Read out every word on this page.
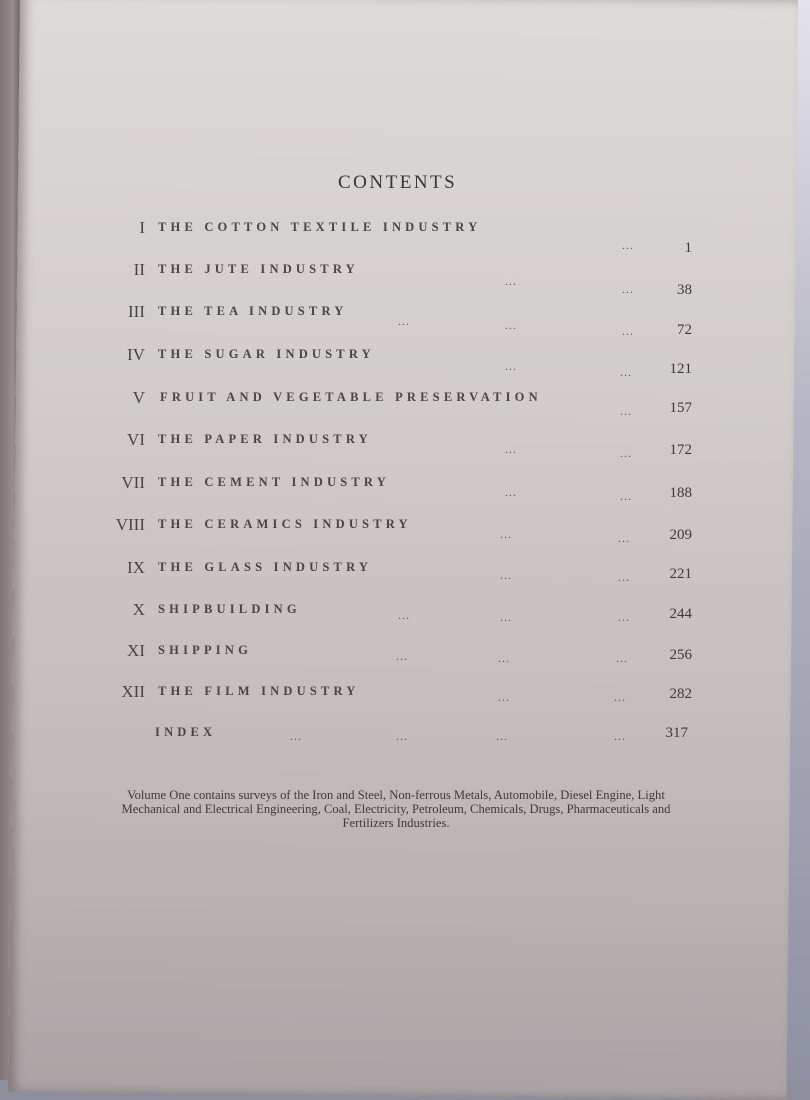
CONTENTS
I THE COTTON TEXTILE INDUSTRY
...	1
II THE JUTE INDUSTRY
...
...	38
III THE TEA INDUSTRY
...	...	...	72
IV THE SUGAR INDUSTRY
...	...	121
V FRUIT AND VEGETABLE PRESERVATION
...	157
VI THE PAPER INDUSTRY
...	...	172
VII THE CEMENT INDUSTRY
...	...	188
VIII THE CERAMICS INDUSTRY
...	...	209
IX THE GLASS INDUSTRY
...	...	221
X SHIPBUILDING	...	...	...	244
XI SHIPPING	...	...	...	256
XII THE FILM INDUSTRY	...	...	282
INDEX	...	...	...	...	317
Volume One contains surveys of the Iron and Steel, Non-ferrous Metals, Automobile, Diesel Engine, Light Mechanical and Electrical Engineering, Coal, Electricity, Petroleum, Chemicals, Drugs, Pharmaceuticals and Fertilizers Industries.
